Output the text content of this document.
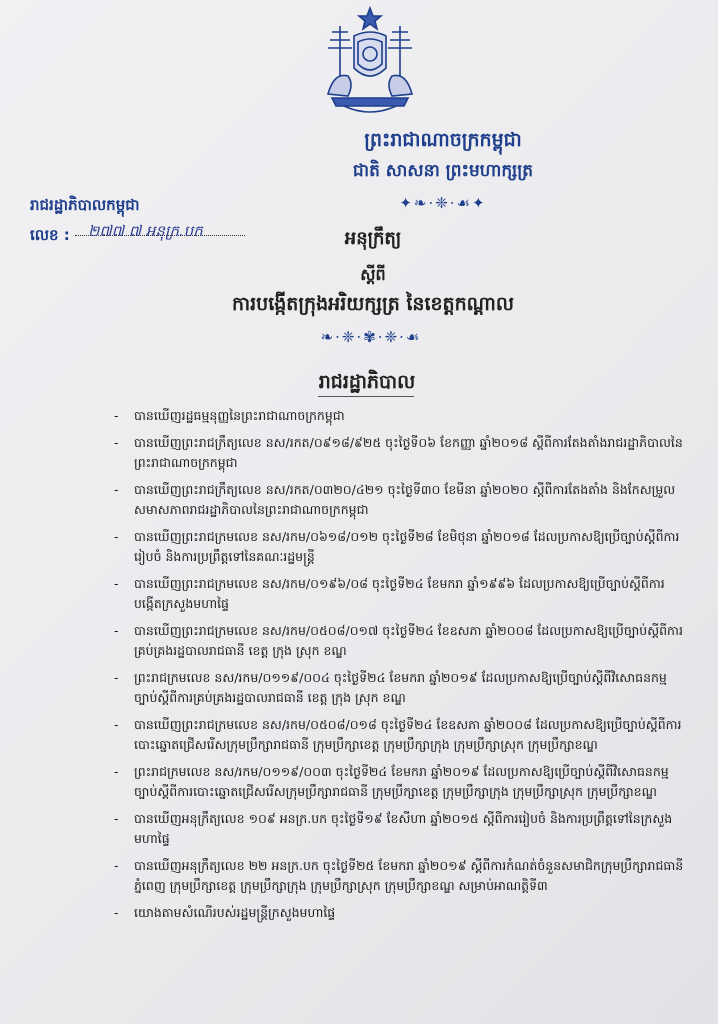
ព្រះរាជាណាចក្រកម្ពុជា
ជាតិ សាសនា ព្រះមហាក្សត្រ
✦❧⋅❈⋅☙✦
រាជរដ្ឋាភិបាលកម្ពុជា
លេខ : ២៧៧ ៧ អនុក្រ.បក	អនុក្រឹត្យ
ស្តីពី
ការបង្កើតក្រុងអរិយក្សត្រ នៃខេត្តកណ្តាល
❧⋅❈⋅✾⋅❈⋅☙
រាជរដ្ឋាភិបាល
- បានឃើញរដ្ឋធម្មនុញ្ញនៃព្រះរាជាណាចក្រកម្ពុជា
- បានឃើញព្រះរាជក្រឹត្យលេខ នស/រកត/០៩១៨/៩២៥ ចុះថ្ងៃទី០៦ ខែកញ្ញា ឆ្នាំ២០១៨ ស្តីពីការតែងតាំងរាជរដ្ឋាភិបាលនៃព្រះរាជាណាចក្រកម្ពុជា
- បានឃើញព្រះរាជក្រឹត្យលេខ នស/រកត/០៣២០/៤២១ ចុះថ្ងៃទី៣០ ខែមីនា ឆ្នាំ២០២០ ស្តីពីការតែងតាំង និងកែសម្រួលសមាសភាពរាជរដ្ឋាភិបាលនៃព្រះរាជាណាចក្រកម្ពុជា
- បានឃើញព្រះរាជក្រមលេខ នស/រកម/០៦១៨/០១២ ចុះថ្ងៃទី២៨ ខែមិថុនា ឆ្នាំ២០១៨ ដែលប្រកាសឱ្យប្រើច្បាប់ស្តីពីការរៀបចំ និងការប្រព្រឹត្តទៅនៃគណៈរដ្ឋមន្ត្រី
- បានឃើញព្រះរាជក្រមលេខ នស/រកម/០១៩៦/០៨ ចុះថ្ងៃទី២៤ ខែមករា ឆ្នាំ១៩៩៦ ដែលប្រកាសឱ្យប្រើច្បាប់ស្តីពីការបង្កើតក្រសួងមហាផ្ទៃ
- បានឃើញព្រះរាជក្រមលេខ នស/រកម/០៥០៨/០១៧ ចុះថ្ងៃទី២៤ ខែឧសភា ឆ្នាំ២០០៨ ដែលប្រកាសឱ្យប្រើច្បាប់ស្តីពីការគ្រប់គ្រងរដ្ឋបាលរាជធានី ខេត្ត ក្រុង ស្រុក ខណ្ឌ
- ព្រះរាជក្រមលេខ នស/រកម/០១១៩/០០៤ ចុះថ្ងៃទី២៤ ខែមករា ឆ្នាំ២០១៩ ដែលប្រកាសឱ្យប្រើច្បាប់ស្តីពីវិសោធនកម្មច្បាប់ស្តីពីការគ្រប់គ្រងរដ្ឋបាលរាជធានី ខេត្ត ក្រុង ស្រុក ខណ្ឌ
- បានឃើញព្រះរាជក្រមលេខ នស/រកម/០៥០៨/០១៨ ចុះថ្ងៃទី២៤ ខែឧសភា ឆ្នាំ២០០៨ ដែលប្រកាសឱ្យប្រើច្បាប់ស្តីពីការបោះឆ្នោតជ្រើសរើសក្រុមប្រឹក្សារាជធានី ក្រុមប្រឹក្សាខេត្ត ក្រុមប្រឹក្សាក្រុង ក្រុមប្រឹក្សាស្រុក ក្រុមប្រឹក្សាខណ្ឌ
- ព្រះរាជក្រមលេខ នស/រកម/០១១៩/០០៣ ចុះថ្ងៃទី២៤ ខែមករា ឆ្នាំ២០១៩ ដែលប្រកាសឱ្យប្រើច្បាប់ស្តីពីវិសោធនកម្មច្បាប់ស្តីពីការបោះឆ្នោតជ្រើសរើសក្រុមប្រឹក្សារាជធានី ក្រុមប្រឹក្សាខេត្ត ក្រុមប្រឹក្សាក្រុង ក្រុមប្រឹក្សាស្រុក ក្រុមប្រឹក្សាខណ្ឌ
- បានឃើញអនុក្រឹត្យលេខ ១០៩ អនក្រ.បក ចុះថ្ងៃទី១៩ ខែសីហា ឆ្នាំ២០១៥ ស្តីពីការរៀបចំ និងការប្រព្រឹត្តទៅនៃក្រសួងមហាផ្ទៃ
- បានឃើញអនុក្រឹត្យលេខ ២២ អនក្រ.បក ចុះថ្ងៃទី២៥ ខែមករា ឆ្នាំ២០១៩ ស្តីពីការកំណត់ចំនួនសមាជិកក្រុមប្រឹក្សារាជធានីភ្នំពេញ ក្រុមប្រឹក្សាខេត្ត ក្រុមប្រឹក្សាក្រុង ក្រុមប្រឹក្សាស្រុក ក្រុមប្រឹក្សាខណ្ឌ សម្រាប់អាណត្តិទី៣
- យោងតាមសំណើរបស់រដ្ឋមន្ត្រីក្រសួងមហាផ្ទៃ
